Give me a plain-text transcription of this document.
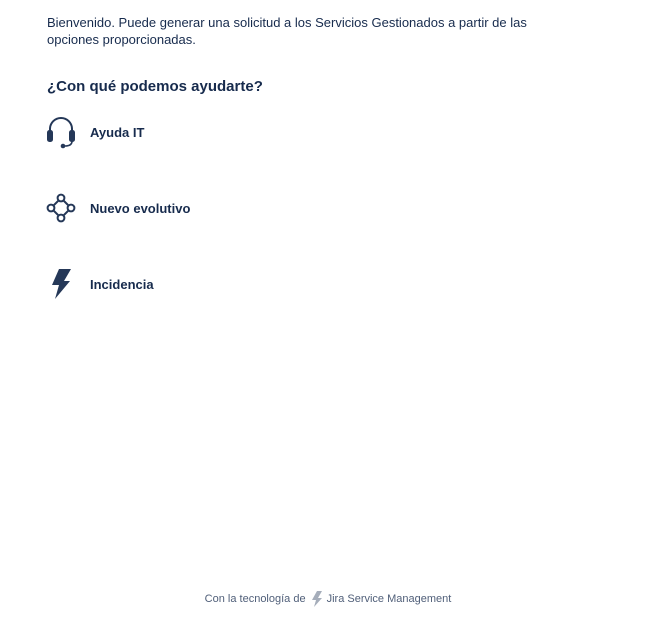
Bienvenido. Puede generar una solicitud a los Servicios Gestionados a partir de las opciones proporcionadas.
¿Con qué podemos ayudarte?
Ayuda IT
Nuevo evolutivo
Incidencia
Con la tecnología de Jira Service Management
